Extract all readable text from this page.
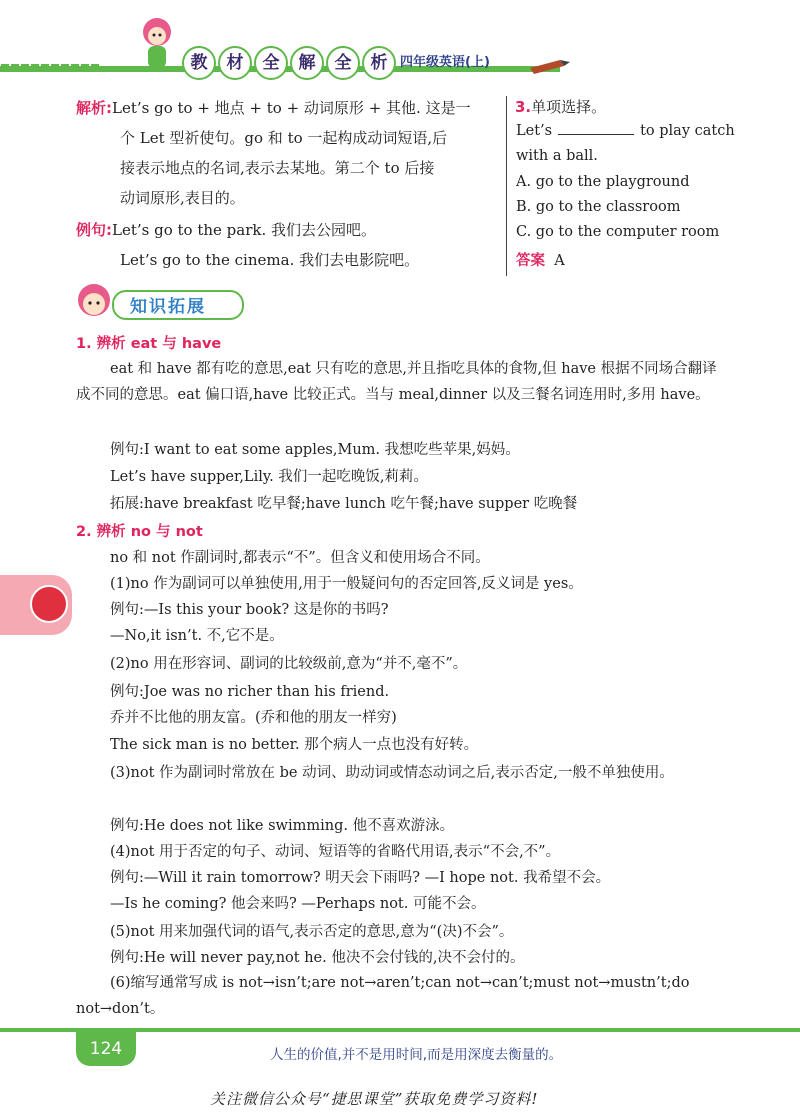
教	材	全	解	全	析 四年级英语(上)
解析:Let’s go to + 地点 + to + 动词原形 + 其他. 这是一
个 Let 型祈使句。go 和 to 一起构成动词短语,后
接表示地点的名词,表示去某地。第二个 to 后接
动词原形,表目的。
例句:Let’s go to the park. 我们去公园吧。
Let’s go to the cinema. 我们去电影院吧。
3.单项选择。
Let’s	to play catch
with a ball.
A. go to the playground
B. go to the classroom
C. go to the computer room
答案 A
知识拓展
1. 辨析 eat 与 have
eat 和 have 都有吃的意思,eat 只有吃的意思,并且指吃具体的食物,但 have 根据不同场合翻译成不同的意思。eat 偏口语,have 比较正式。当与 meal,dinner 以及三餐名词连用时,多用 have。
例句:I want to eat some apples,Mum. 我想吃些苹果,妈妈。
Let’s have supper,Lily. 我们一起吃晚饭,莉莉。
拓展:have breakfast 吃早餐;have lunch 吃午餐;have supper 吃晚餐
2. 辨析 no 与 not
no 和 not 作副词时,都表示“不”。但含义和使用场合不同。
(1)no 作为副词可以单独使用,用于一般疑问句的否定回答,反义词是 yes。
例句:—Is this your book? 这是你的书吗?
—No,it isn’t. 不,它不是。
(2)no 用在形容词、副词的比较级前,意为“并不,毫不”。
例句:Joe was no richer than his friend.
乔并不比他的朋友富。(乔和他的朋友一样穷)
The sick man is no better. 那个病人一点也没有好转。
(3)not 作为副词时常放在 be 动词、助动词或情态动词之后,表示否定,一般不单独使用。
例句:He does not like swimming. 他不喜欢游泳。
(4)not 用于否定的句子、动词、短语等的省略代用语,表示“不会,不”。
例句:—Will it rain tomorrow? 明天会下雨吗? —I hope not. 我希望不会。
—Is he coming? 他会来吗? —Perhaps not. 可能不会。
(5)not 用来加强代词的语气,表示否定的意思,意为“(决)不会”。
例句:He will never pay,not he. 他决不会付钱的,决不会付的。
(6)缩写通常写成 is not→isn’t;are not→aren’t;can not→can’t;must not→mustn’t;do not→don’t。
124	人生的价值,并不是用时间,而是用深度去衡量的。
关注微信公众号“捷思课堂”获取免费学习资料!
